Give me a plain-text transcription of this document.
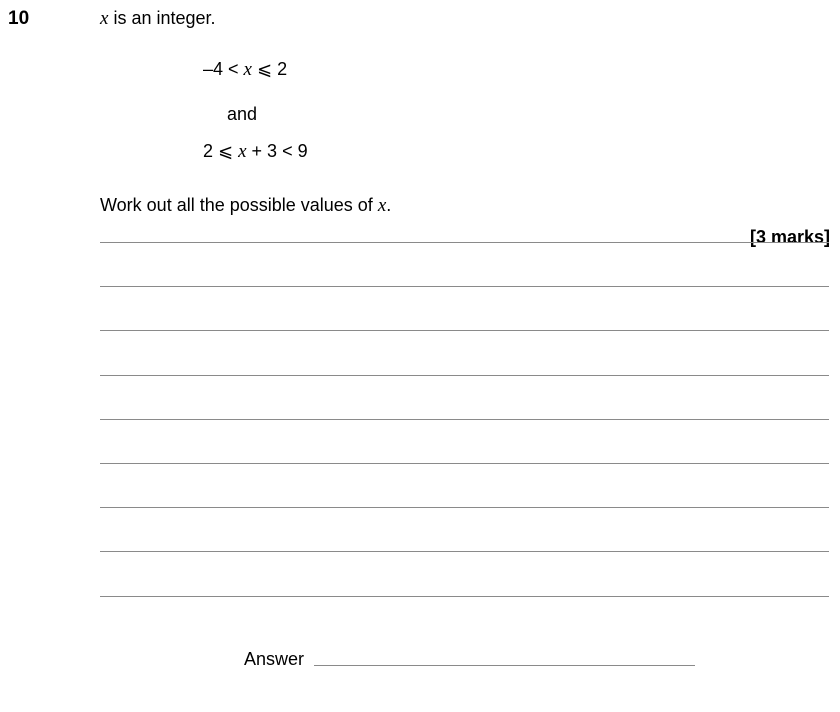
10	x is an integer.
–4 < x ⩽ 2
and
2 ⩽ x + 3 < 9
Work out all the possible values of x.
[3 marks]
Answer
